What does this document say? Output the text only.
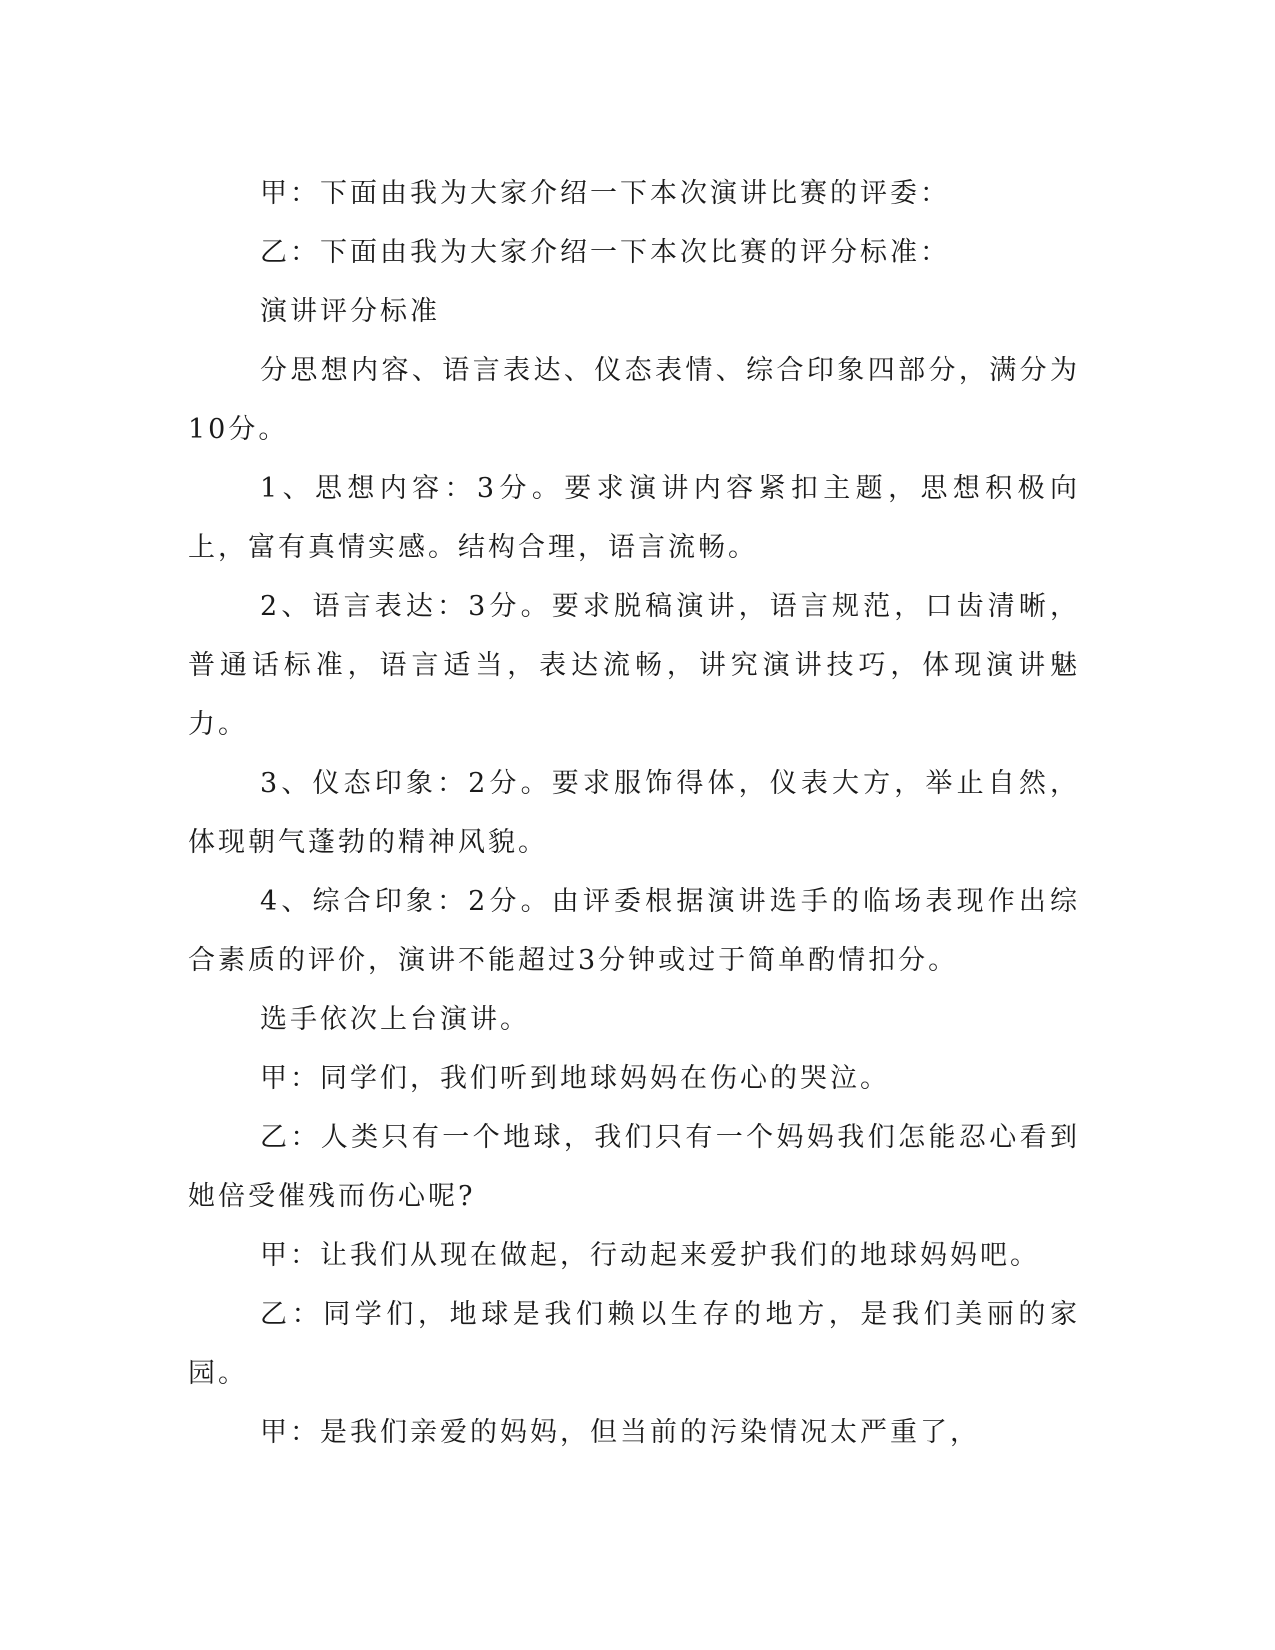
甲：下面由我为大家介绍一下本次演讲比赛的评委：

乙：下面由我为大家介绍一下本次比赛的评分标准：

演讲评分标准

分思想内容、语言表达、仪态表情、综合印象四部分，满分为10分。

1、思想内容：3分。要求演讲内容紧扣主题，思想积极向上，富有真情实感。结构合理，语言流畅。

2、语言表达：3分。要求脱稿演讲，语言规范，口齿清晰，普通话标准，语言适当，表达流畅，讲究演讲技巧，体现演讲魅力。

3、仪态印象：2分。要求服饰得体，仪表大方，举止自然，体现朝气蓬勃的精神风貌。

4、综合印象：2分。由评委根据演讲选手的临场表现作出综合素质的评价，演讲不能超过3分钟或过于简单酌情扣分。

选手依次上台演讲。

甲：同学们，我们听到地球妈妈在伤心的哭泣。

乙：人类只有一个地球，我们只有一个妈妈我们怎能忍心看到她倍受催残而伤心呢?

甲：让我们从现在做起，行动起来爱护我们的地球妈妈吧。

乙：同学们，地球是我们赖以生存的地方，是我们美丽的家园。

甲：是我们亲爱的妈妈，但当前的污染情况太严重了，
